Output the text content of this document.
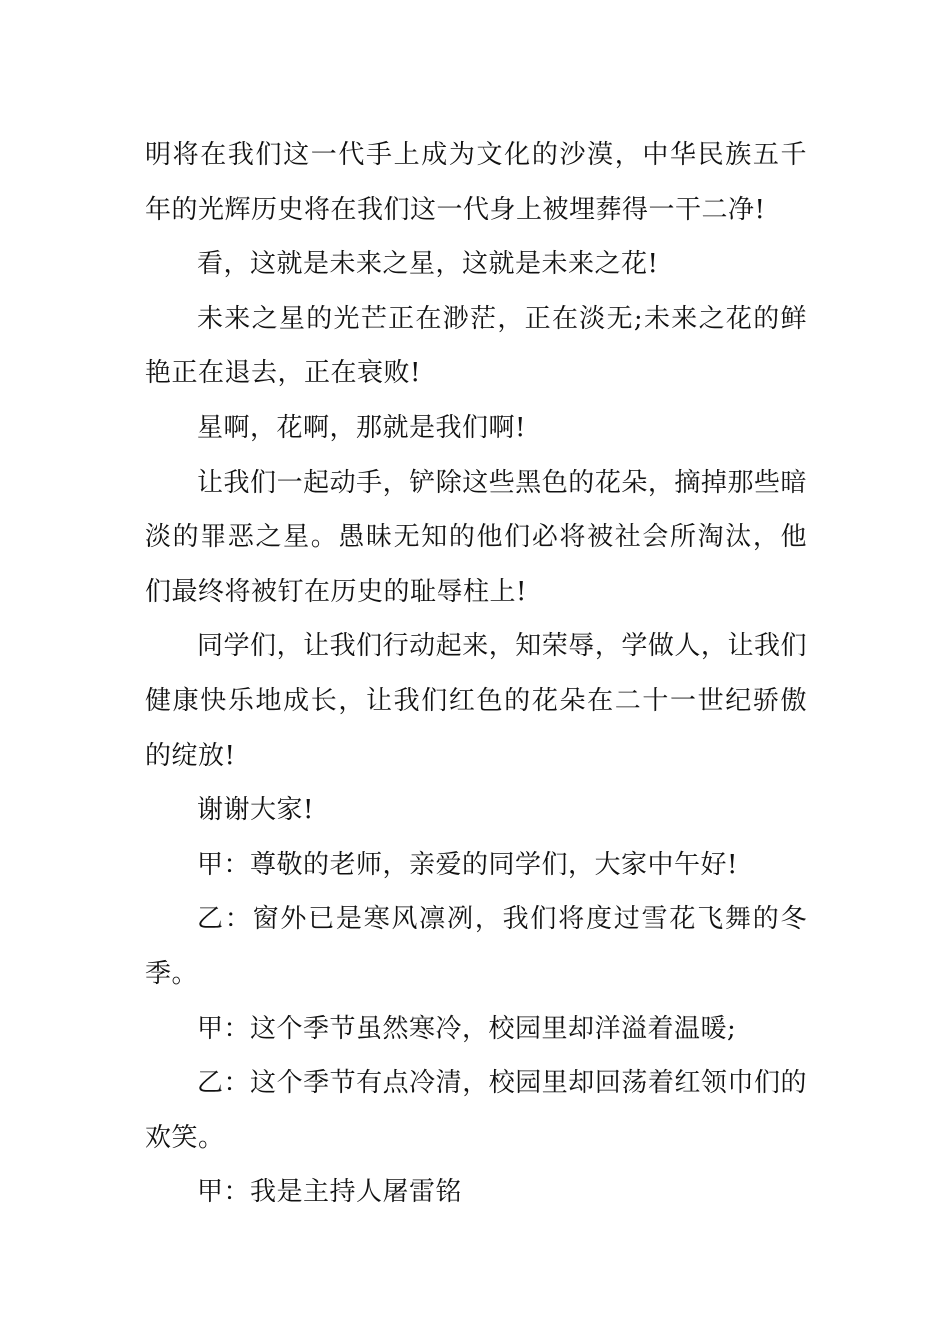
明将在我们这一代手上成为文化的沙漠，中华民族五千年的光辉历史将在我们这一代身上被埋葬得一干二净!

看，这就是未来之星，这就是未来之花!

未来之星的光芒正在渺茫，正在淡无;未来之花的鲜艳正在退去，正在衰败!

星啊，花啊，那就是我们啊!

让我们一起动手，铲除这些黑色的花朵，摘掉那些暗淡的罪恶之星。愚昧无知的他们必将被社会所淘汰，他们最终将被钉在历史的耻辱柱上!

同学们，让我们行动起来，知荣辱，学做人，让我们健康快乐地成长，让我们红色的花朵在二十一世纪骄傲的绽放!

谢谢大家!

甲：尊敬的老师，亲爱的同学们，大家中午好!

乙：窗外已是寒风凛冽，我们将度过雪花飞舞的冬季。

甲：这个季节虽然寒冷，校园里却洋溢着温暖;

乙：这个季节有点冷清，校园里却回荡着红领巾们的欢笑。

甲：我是主持人屠雷铭
